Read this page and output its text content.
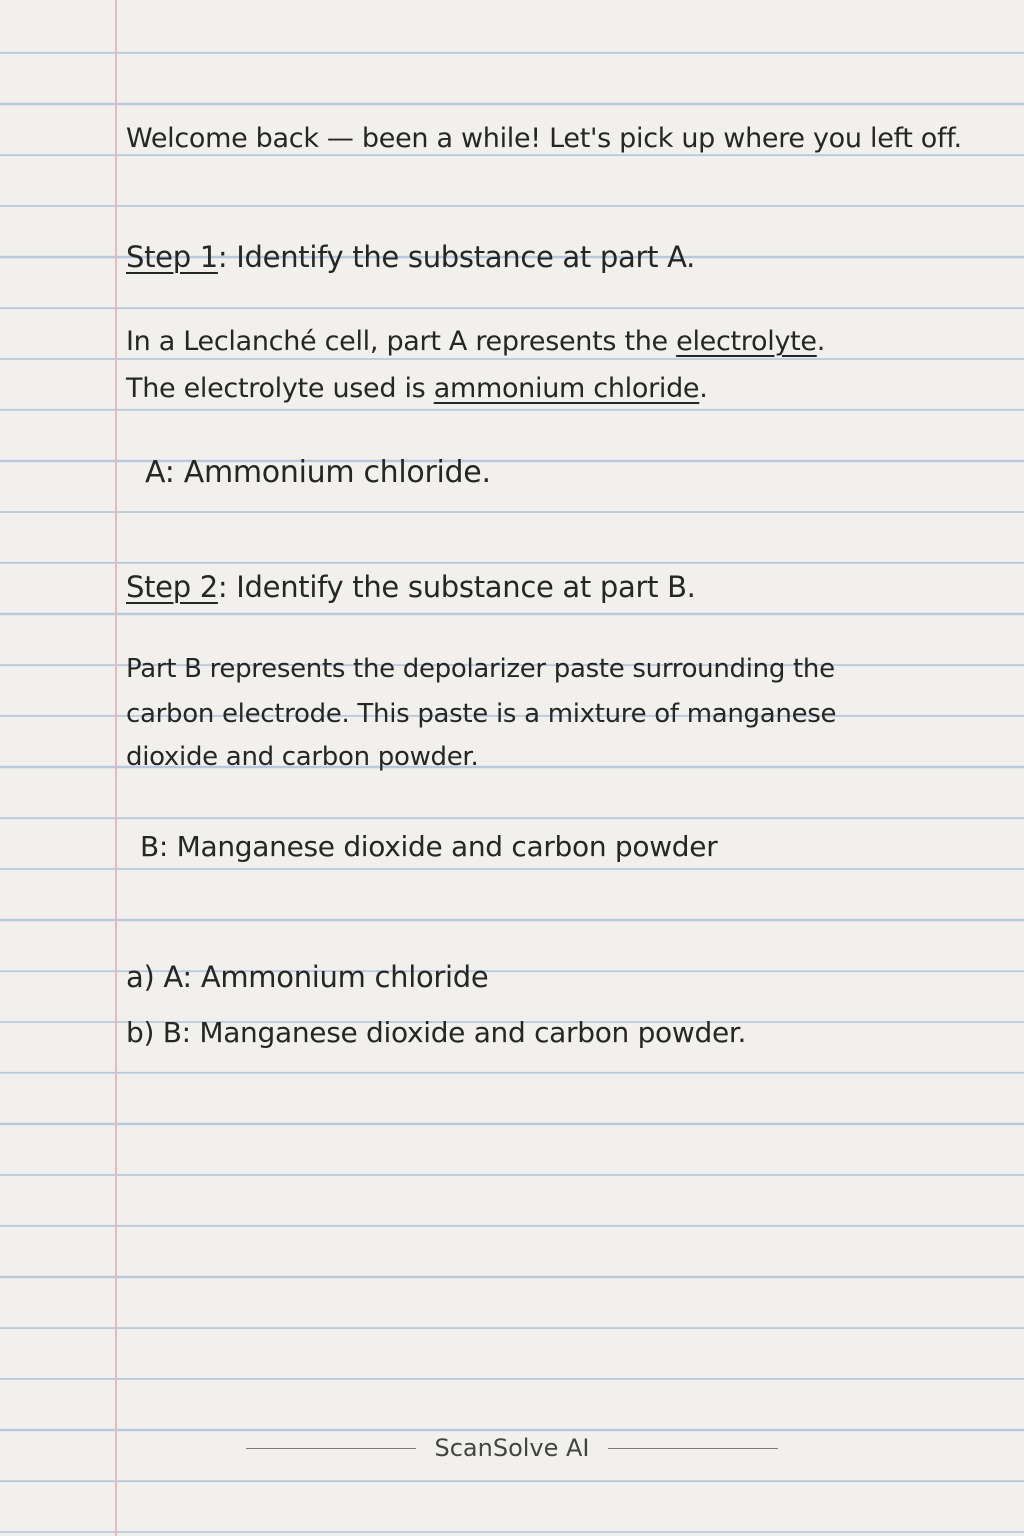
Welcome back — been a while! Let's pick up where you left off.
Step 1: Identify the substance at part A.
In a Leclanché cell, part A represents the electrolyte.
The electrolyte used is ammonium chloride.
A: Ammonium chloride.
Step 2: Identify the substance at part B.
Part B represents the depolarizer paste surrounding the
carbon electrode. This paste is a mixture of manganese
dioxide and carbon powder.
B: Manganese dioxide and carbon powder
a) A: Ammonium chloride
b) B: Manganese dioxide and carbon powder.
ScanSolve AI
